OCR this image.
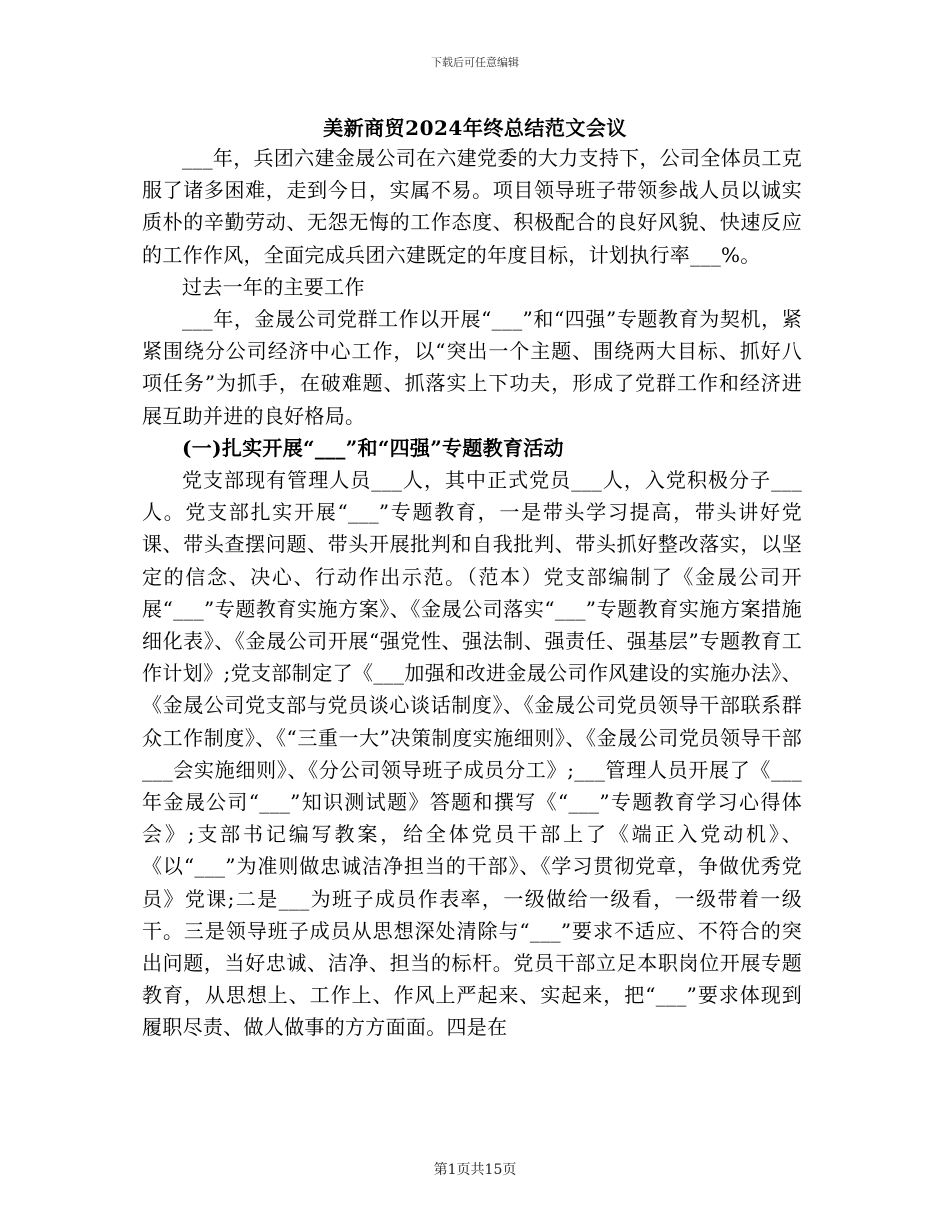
下载后可任意编辑
美新商贸2024年终总结范文会议

___年，兵团六建金晟公司在六建党委的大力支持下，公司全体员工克服了诸多困难，走到今日，实属不易。项目领导班子带领参战人员以诚实质朴的辛勤劳动、无怨无悔的工作态度、积极配合的良好风貌、快速反应的工作作风，全面完成兵团六建既定的年度目标，计划执行率___%。

过去一年的主要工作

___年，金晟公司党群工作以开展“___”和“四强”专题教育为契机，紧紧围绕分公司经济中心工作，以“突出一个主题、围绕两大目标、抓好八项任务”为抓手，在破难题、抓落实上下功夫，形成了党群工作和经济进展互助并进的良好格局。

(一)扎实开展“___”和“四强”专题教育活动

党支部现有管理人员___人，其中正式党员___人，入党积极分子___人。党支部扎实开展“___”专题教育，一是带头学习提高，带头讲好党课、带头查摆问题、带头开展批判和自我批判、带头抓好整改落实，以坚定的信念、决心、行动作出示范。（范本）党支部编制了《金晟公司开展“___”专题教育实施方案》、《金晟公司落实“___”专题教育实施方案措施细化表》、《金晟公司开展“强党性、强法制、强责任、强基层”专题教育工作计划》;党支部制定了《___加强和改进金晟公司作风建设的实施办法》、《金晟公司党支部与党员谈心谈话制度》、《金晟公司党员领导干部联系群众工作制度》、《“三重一大”决策制度实施细则》、《金晟公司党员领导干部___会实施细则》、《分公司领导班子成员分工》;___管理人员开展了《___年金晟公司“___”知识测试题》答题和撰写《“___”专题教育学习心得体会》;支部书记编写教案，给全体党员干部上了《端正入党动机》、《以“___”为准则做忠诚洁净担当的干部》、《学习贯彻党章，争做优秀党员》党课;二是___为班子成员作表率，一级做给一级看，一级带着一级干。三是领导班子成员从思想深处清除与“___”要求不适应、不符合的突出问题，当好忠诚、洁净、担当的标杆。党员干部立足本职岗位开展专题教育，从思想上、工作上、作风上严起来、实起来，把“___”要求体现到履职尽责、做人做事的方方面面。四是在

第1页共15页
